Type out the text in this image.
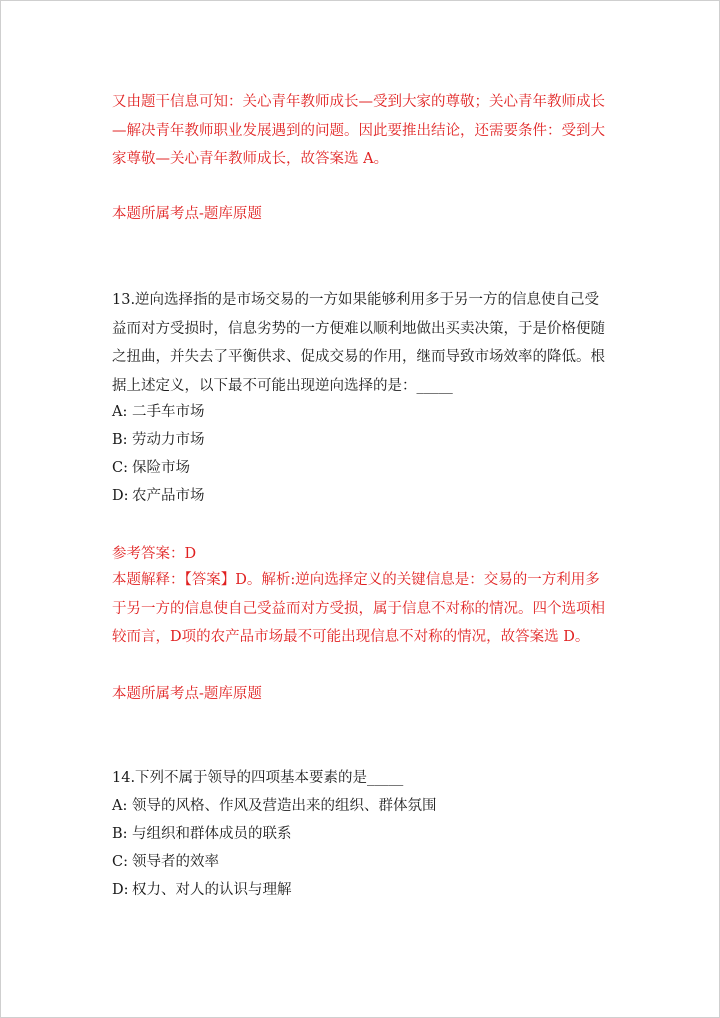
又由题干信息可知：关心青年教师成长—受到大家的尊敬；关心青年教师成长—解决青年教师职业发展遇到的问题。因此要推出结论，还需要条件：受到大家尊敬—关心青年教师成长，故答案选 A。

本题所属考点-题库原题

13.逆向选择指的是市场交易的一方如果能够利用多于另一方的信息使自己受益而对方受损时，信息劣势的一方便难以顺利地做出买卖决策，于是价格便随之扭曲，并失去了平衡供求、促成交易的作用，继而导致市场效率的降低。根据上述定义，以下最不可能出现逆向选择的是：_____

A: 二手车市场
B: 劳动力市场
C: 保险市场
D: 农产品市场

参考答案：D

本题解释：【答案】D。解析:逆向选择定义的关键信息是：交易的一方利用多于另一方的信息使自己受益而对方受损，属于信息不对称的情况。四个选项相较而言，D项的农产品市场最不可能出现信息不对称的情况，故答案选 D。

本题所属考点-题库原题

14.下列不属于领导的四项基本要素的是_____

A: 领导的风格、作风及营造出来的组织、群体氛围
B: 与组织和群体成员的联系
C: 领导者的效率
D: 权力、对人的认识与理解
